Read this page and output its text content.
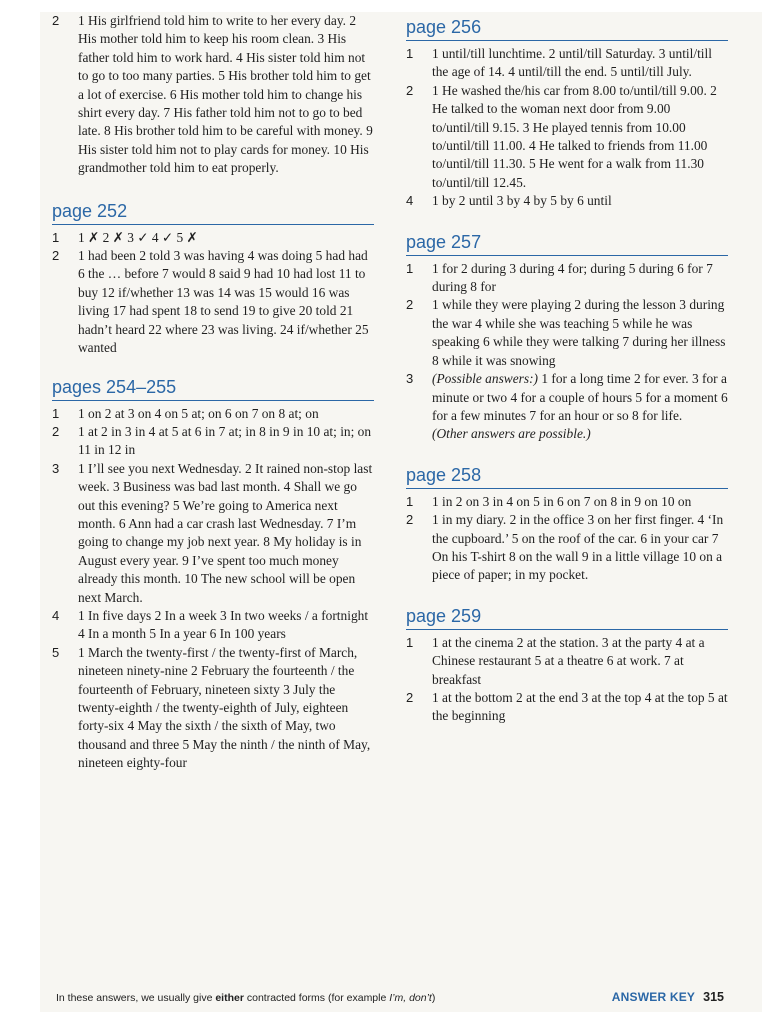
2	1 His girlfriend told him to write to her every day. 2 His mother told him to keep his room clean. 3 His father told him to work hard. 4 His sister told him not to go to too many parties. 5 His brother told him to get a lot of exercise. 6 His mother told him to change his shirt every day. 7 His father told him not to go to bed late. 8 His brother told him to be careful with money. 9 His sister told him not to play cards for money. 10 His grandmother told him to eat properly.
page 252
1	1 ✗ 2 ✗ 3 ✓ 4 ✓ 5 ✗
2	1 had been 2 told 3 was having 4 was doing 5 had had 6 the … before 7 would 8 said 9 had 10 had lost 11 to buy 12 if/whether 13 was 14 was 15 would 16 was living 17 had spent 18 to send 19 to give 20 told 21 hadn’t heard 22 where 23 was living. 24 if/whether 25 wanted
pages 254–255
1	1 on 2 at 3 on 4 on 5 at; on 6 on 7 on 8 at; on
2	1 at 2 in 3 in 4 at 5 at 6 in 7 at; in 8 in 9 in 10 at; in; on 11 in 12 in
3	1 I’ll see you next Wednesday. 2 It rained non-stop last week. 3 Business was bad last month. 4 Shall we go out this evening? 5 We’re going to America next month. 6 Ann had a car crash last Wednesday. 7 I’m going to change my job next year. 8 My holiday is in August every year. 9 I’ve spent too much money already this month. 10 The new school will be open next March.
4	1 In five days 2 In a week 3 In two weeks / a fortnight 4 In a month 5 In a year 6 In 100 years
5	1 March the twenty-first / the twenty-first of March, nineteen ninety-nine 2 February the fourteenth / the fourteenth of February, nineteen sixty 3 July the twenty-eighth / the twenty-eighth of July, eighteen forty-six 4 May the sixth / the sixth of May, two thousand and three 5 May the ninth / the ninth of May, nineteen eighty-four
page 256
1	1 until/till lunchtime. 2 until/till Saturday. 3 until/till the age of 14. 4 until/till the end. 5 until/till July.
2	1 He washed the/his car from 8.00 to/until/till 9.00. 2 He talked to the woman next door from 9.00 to/until/till 9.15. 3 He played tennis from 10.00 to/until/till 11.00. 4 He talked to friends from 11.00 to/until/till 11.30. 5 He went for a walk from 11.30 to/until/till 12.45.
4	1 by 2 until 3 by 4 by 5 by 6 until
page 257
1	1 for 2 during 3 during 4 for; during 5 during 6 for 7 during 8 for
2	1 while they were playing 2 during the lesson 3 during the war 4 while she was teaching 5 while he was speaking 6 while they were talking 7 during her illness 8 while it was snowing
3	(Possible answers:) 1 for a long time 2 for ever. 3 for a minute or two 4 for a couple of hours 5 for a moment 6 for a few minutes 7 for an hour or so 8 for life.
(Other answers are possible.)
page 258
1	1 in 2 on 3 in 4 on 5 in 6 on 7 on 8 in 9 on 10 on
2	1 in my diary. 2 in the office 3 on her first finger. 4 ‘In the cupboard.’ 5 on the roof of the car. 6 in your car 7 On his T-shirt 8 on the wall 9 in a little village 10 on a piece of paper; in my pocket.
page 259
1	1 at the cinema 2 at the station. 3 at the party 4 at a Chinese restaurant 5 at a theatre 6 at work. 7 at breakfast
2	1 at the bottom 2 at the end 3 at the top 4 at the top 5 at the beginning
In these answers, we usually give either contracted forms (for example I’m, don’t)	ANSWER KEY 315
